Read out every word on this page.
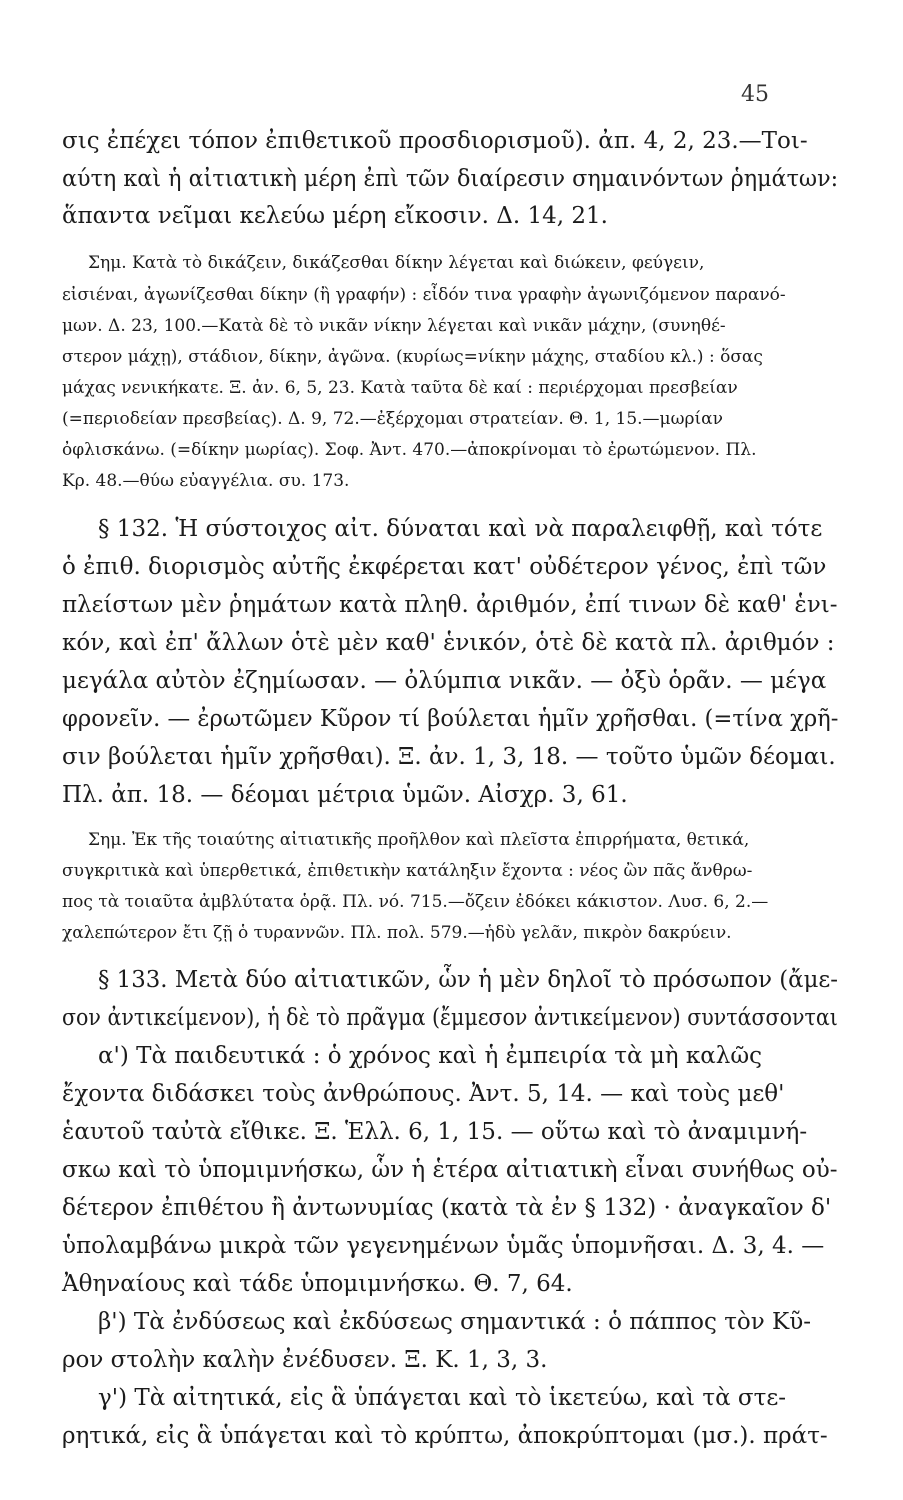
45
σις ἐπέχει τόπον ἐπιθετικοῦ προσδιορισμοῦ). ἀπ. 4, 2, 23.—Τοι-
αύτη καὶ ἡ αἰτιατικὴ μέρη ἐπὶ τῶν διαίρεσιν σημαινόντων ῥημάτων:
ἅπαντα νεῖμαι κελεύω μέρη εἴκοσιν. Δ. 14, 21.
Σημ. Κατὰ τὸ δικάζειν, δικάζεσθαι δίκην λέγεται καὶ διώκειν, φεύγειν,
εἰσιέναι, ἀγωνίζεσθαι δίκην (ἢ γραφήν) : εἶδόν τινα γραφὴν ἀγωνιζόμενον παρανό-
μων. Δ. 23, 100.—Κατὰ δὲ τὸ νικᾶν νίκην λέγεται καὶ νικᾶν μάχην, (συνηθέ-
στερον μάχῃ), στάδιον, δίκην, ἀγῶνα. (κυρίως=νίκην μάχης, σταδίου κλ.) : ὅσας
μάχας νενικήκατε. Ξ. ἀν. 6, 5, 23. Κατὰ ταῦτα δὲ καί : περιέρχομαι πρεσβείαν
(=περιοδείαν πρεσβείας). Δ. 9, 72.—ἐξέρχομαι στρατείαν. Θ. 1, 15.—μωρίαν
ὀφλισκάνω. (=δίκην μωρίας). Σοφ. Ἀντ. 470.—ἀποκρίνομαι τὸ ἐρωτώμενον. Πλ.
Κρ. 48.—θύω εὐαγγέλια. συ. 173.
§ 132. Ἡ σύστοιχος αἰτ. δύναται καὶ νὰ παραλειφθῇ, καὶ τότε
ὁ ἐπιθ. διορισμὸς αὐτῆς ἐκφέρεται κατ' οὐδέτερον γένος, ἐπὶ τῶν
πλείστων μὲν ῥημάτων κατὰ πληθ. ἀριθμόν, ἐπί τινων δὲ καθ' ἑνι-
κόν, καὶ ἐπ' ἄλλων ὁτὲ μὲν καθ' ἑνικόν, ὁτὲ δὲ κατὰ πλ. ἀριθμόν :
μεγάλα αὐτὸν ἐζημίωσαν. — ὀλύμπια νικᾶν. — ὀξὺ ὁρᾶν. — μέγα
φρονεῖν. — ἐρωτῶμεν Κῦρον τί βούλεται ἡμῖν χρῆσθαι. (=τίνα χρῆ-
σιν βούλεται ἡμῖν χρῆσθαι). Ξ. ἀν. 1, 3, 18. — τοῦτο ὑμῶν δέομαι.
Πλ. ἀπ. 18. — δέομαι μέτρια ὑμῶν. Αἰσχρ. 3, 61.
Σημ. Ἐκ τῆς τοιαύτης αἰτιατικῆς προῆλθον καὶ πλεῖστα ἐπιρρήματα, θετικά,
συγκριτικὰ καὶ ὑπερθετικά, ἐπιθετικὴν κατάληξιν ἔχοντα : νέος ὢν πᾶς ἄνθρω-
πος τὰ τοιαῦτα ἀμβλύτατα ὁρᾷ. Πλ. νό. 715.—ὄζειν ἐδόκει κάκιστον. Λυσ. 6, 2.—
χαλεπώτερον ἔτι ζῇ ὁ τυραννῶν. Πλ. πολ. 579.—ἡδὺ γελᾶν, πικρὸν δακρύειν.
§ 133. Μετὰ δύο αἰτιατικῶν, ὧν ἡ μὲν δηλοῖ τὸ πρόσωπον (ἄμε-
σον ἀντικείμενον), ἡ δὲ τὸ πρᾶγμα (ἔμμεσον ἀντικείμενον) συντάσσονται
α') Τὰ παιδευτικά : ὁ χρόνος καὶ ἡ ἐμπειρία τὰ μὴ καλῶς
ἔχοντα διδάσκει τοὺς ἀνθρώπους. Ἀντ. 5, 14. — καὶ τοὺς μεθ'
ἑαυτοῦ ταὐτὰ εἴθικε. Ξ. Ἑλλ. 6, 1, 15. — οὕτω καὶ τὸ ἀναμιμνή-
σκω καὶ τὸ ὑπομιμνήσκω, ὧν ἡ ἑτέρα αἰτιατικὴ εἶναι συνήθως οὐ-
δέτερον ἐπιθέτου ἢ ἀντωνυμίας (κατὰ τὰ ἐν § 132) · ἀναγκαῖον δ'
ὑπολαμβάνω μικρὰ τῶν γεγενημένων ὑμᾶς ὑπομνῆσαι. Δ. 3, 4. —
Ἀθηναίους καὶ τάδε ὑπομιμνήσκω. Θ. 7, 64.
β') Τὰ ἐνδύσεως καὶ ἐκδύσεως σημαντικά : ὁ πάππος τὸν Κῦ-
ρον στολὴν καλὴν ἐνέδυσεν. Ξ. Κ. 1, 3, 3.
γ') Τὰ αἰτητικά, εἰς ἃ ὑπάγεται καὶ τὸ ἱκετεύω, καὶ τὰ στε-
ρητικά, εἰς ἃ ὑπάγεται καὶ τὸ κρύπτω, ἀποκρύπτομαι (μσ.). πράτ-
